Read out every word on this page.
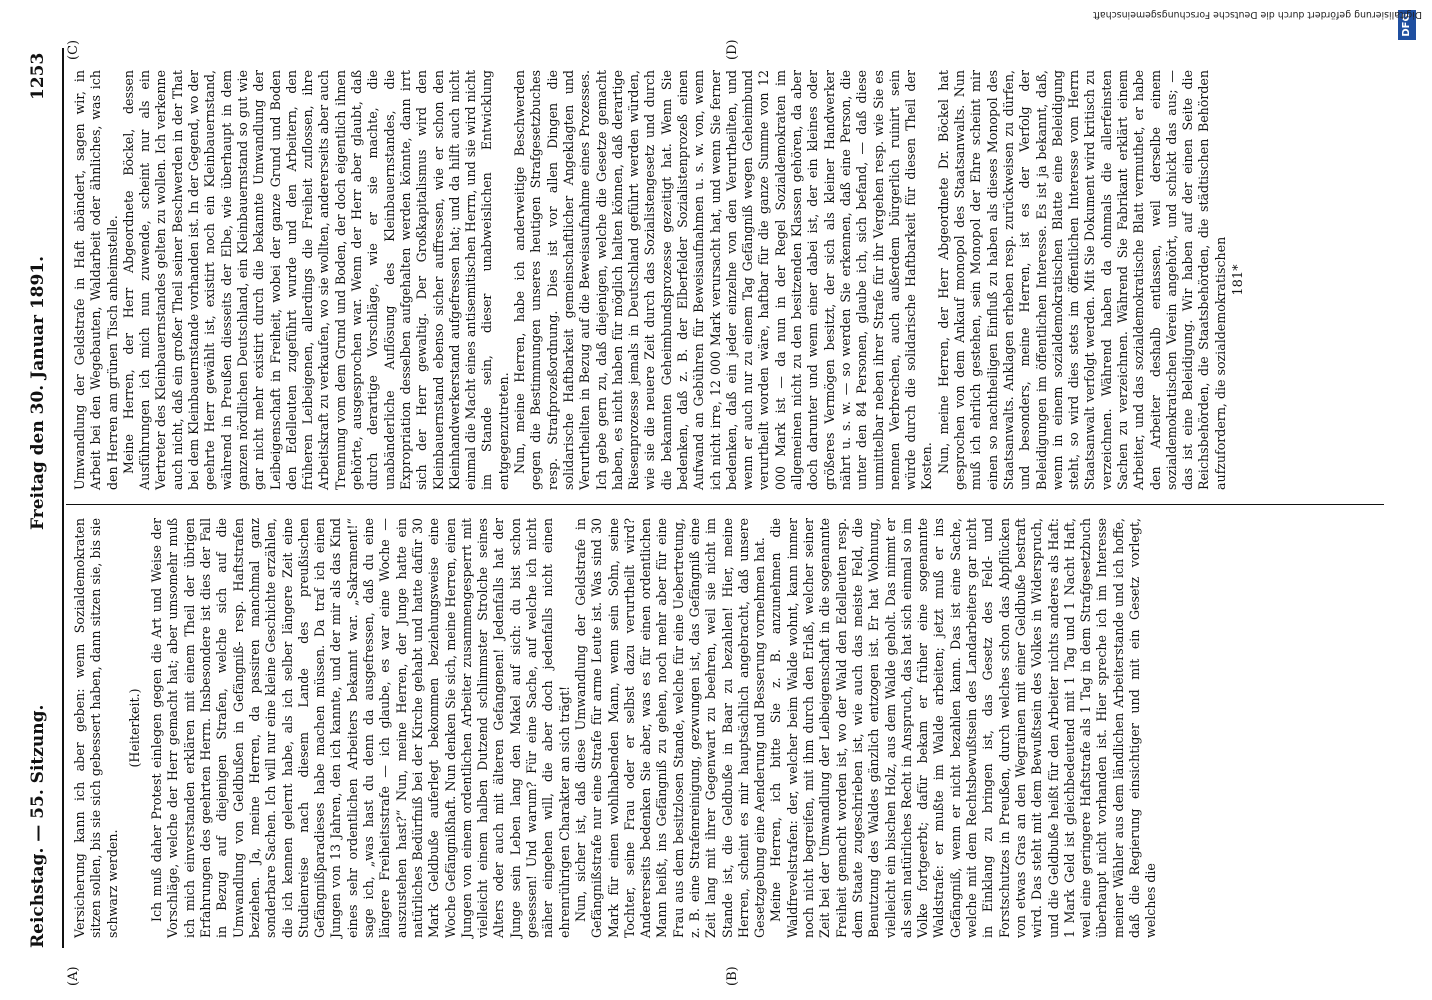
Reichstag. — 55. Sitzung.
Freitag den 30. Januar 1891.
1253
(A)	(B)
(C)	(D)

Versicherung kann ich aber geben: wenn Sozialdemokraten sitzen sollen, bis sie sich gebessert haben, dann sitzen sie, bis sie schwarz werden.

(Heiterkeit.) Ich muß daher Protest einlegen gegen die Art und Weise der Vorschläge, welche der Herr gemacht hat; aber umsomehr muß ich mich einverstanden erklären mit einem Theil der übrigen Erfahrungen des geehrten Herrn. Insbesondere ist dies der Fall in Bezug auf diejenigen Strafen, welche sich auf die Umwandlung von Geldbußen in Gefängniß- resp. Haftstrafen beziehen. Ja, meine Herren, da passiren manchmal ganz sonderbare Sachen. Ich will nur eine kleine Geschichte erzählen, die ich kennen gelernt habe, als ich selber längere Zeit eine Studienreise nach diesem Lande des preußischen Gefängnißparadieses habe machen müssen. Da traf ich einen Jungen von 13 Jahren, den ich kannte, und der mir als das Kind eines sehr ordentlichen Arbeiters bekannt war. „Sakrament!“ sage ich, „was hast du denn da ausgefressen, daß du eine längere Freiheitsstrafe — ich glaube, es war eine Woche — auszustehen hast?“ Nun, meine Herren, der Junge hatte ein natürliches Bedürfniß bei der Kirche gehabt und hatte dafür 30 Mark Geldbuße auferlegt bekommen beziehungsweise eine Woche Gefängnißhaft. Nun denken Sie sich, meine Herren, einen Jungen von einem ordentlichen Arbeiter zusammengesperrt mit vielleicht einem halben Dutzend schlimmster Strolche seines Alters oder auch mit älteren Gefangenen! Jedenfalls hat der Junge sein Leben lang den Makel auf sich: du bist schon gesessen! Und warum? Für eine Sache, auf welche ich nicht näher eingehen will, die aber doch jedenfalls nicht einen ehrenrührigen Charakter an sich trägt! Nun, sicher ist, daß diese Umwandlung der Geldstrafe in Gefängnißstrafe nur eine Strafe für arme Leute ist. Was sind 30 Mark für einen wohlhabenden Mann, wenn sein Sohn, seine Tochter, seine Frau oder er selbst dazu verurtheilt wird? Andererseits bedenken Sie aber, was es für einen ordentlichen Mann heißt, ins Gefängniß zu gehen, noch mehr aber für eine Frau aus dem besitzlosen Stande, welche für eine Uebertretung, z. B. eine Strafenreinigung, gezwungen ist, das Gefängniß eine Zeit lang mit ihrer Gegenwart zu beehren, weil sie nicht im Stande ist, die Geldbuße in Baar zu bezahlen! Hier, meine Herren, scheint es mir hauptsächlich angebracht, daß unsere Gesetzgebung eine Aenderung und Besserung vornehmen hat. Meine Herren, ich bitte Sie z. B. anzunehmen die Waldfrevelstrafen: der, welcher beim Walde wohnt, kann immer noch nicht begreifen, mit ihm durch den Erlaß, welcher seiner Zeit bei der Umwandlung der Leibeigenschaft in die sogenannte Freiheit gemacht worden ist, wo der Wald den Edelleuten resp. dem Staate zugeschrieben ist, wie auch das meiste Feld, die Benutzung des Waldes gänzlich entzogen ist. Er hat Wohnung, vielleicht ein bischen Holz, aus dem Walde geholt. Das nimmt er als sein natürliches Recht in Anspruch, das hat sich einmal so im Volke fortgeerbt; dafür bekam er früher eine sogenannte Waldstrafe: er mußte im Walde arbeiten; jetzt muß er ins Gefängniß, wenn er nicht bezahlen kann. Das ist eine Sache, welche mit dem Rechtsbewußtsein des Landarbeiters gar nicht in Einklang zu bringen ist, das Gesetz des Feld- und Forstschutzes in Preußen, durch welches schon das Abpflücken von etwas Gras an den Wegrainen mit einer Geldbuße bestraft wird. Das steht mit dem Bewußtsein des Volkes in Widerspruch, und die Geldbuße heißt für den Arbeiter nichts anderes als Haft: 1 Mark Geld ist gleichbedeutend mit 1 Tag und 1 Nacht Haft, weil eine geringere Haftstrafe als 1 Tag in dem Strafgesetzbuch überhaupt nicht vorhanden ist. Hier spreche ich im Interesse meiner Wähler aus dem ländlichen Arbeiterstande und ich hoffe, daß die Regierung einsichtiger und mit ein Gesetz vorlegt, welches die

Umwandlung der Geldstrafe in Haft abändert, sagen wir, in Arbeit bei den Wegebauten, Waldarbeit oder ähnliches, was ich den Herren am grünen Tisch anheimstelle. Meine Herren, der Herr Abgeordnete Böckel, dessen Ausführungen ich mich nun zuwende, scheint nur als ein Vertreter des Kleinbauernstandes gelten zu wollen. Ich verkenne auch nicht, daß ein großer Theil seiner Beschwerden in der That bei dem Kleinbauernstande vorhanden ist. In der Gegend, wo der geehrte Herr gewählt ist, existirt noch ein Kleinbauernstand, während in Preußen diesseits der Elbe, wie überhaupt in dem ganzen nördlichen Deutschland, ein Kleinbauernstand so gut wie gar nicht mehr existirt durch die bekannte Umwandlung der Leibeigenschaft in Freiheit, wobei der ganze Grund und Boden den Edelleuten zugeführt wurde und den Arbeitern, den früheren Leibeigenen, allerdings die Freiheit zuflossen, ihre Arbeitskraft zu verkaufen, wo sie wollten, andererseits aber auch Trennung vom dem Grund und Boden, der doch eigentlich ihnen gehörte, ausgesprochen war. Wenn der Herr aber glaubt, daß durch derartige Vorschläge, wie er sie machte, die unabänderliche Auflösung des Kleinbauernstandes, die Expropriation desselben aufgehalten werden könnte, dann irrt sich der Herr gewaltig. Der Großkapitalismus wird den Kleinbauernstand ebenso sicher auffressen, wie er schon den Kleinhandwerkerstand aufgefressen hat; und da hilft auch nicht einmal die Macht eines antisemitischen Herrn, und sie wird nicht im Stande sein, dieser unabweislichen Entwicklung entgegenzutreten. Nun, meine Herren, habe ich anderweitige Beschwerden gegen die Bestimmungen unseres heutigen Strafgesetzbuches resp. Strafprozeßordnung. Dies ist vor allen Dingen die solidarische Haftbarkeit gemeinschaftlicher Angeklagten und Verurtheilten in Bezug auf die Beweisaufnahme eines Prozesses. Ich gebe gern zu, daß diejenigen, welche die Gesetze gemacht haben, es nicht haben für möglich halten können, daß derartige Riesenprozesse jemals in Deutschland geführt werden würden, wie sie die neuere Zeit durch das Sozialistengesetz und durch die bekannten Geheimbundsprozesse gezeitigt hat. Wenn Sie bedenken, daß z. B. der Elberfelder Sozialistenprozeß einen Aufwand an Gebühren für Beweisaufnahmen u. s. w. von, wenn ich nicht irre, 12 000 Mark verursacht hat, und wenn Sie ferner bedenken, daß ein jeder einzelne von den Verurtheilten, und wenn er auch nur zu einem Tag Gefängniß wegen Geheimbund verurtheilt worden wäre, haftbar für die ganze Summe von 12 000 Mark ist — da nun in der Regel Sozialdemokraten im allgemeinen nicht zu den besitzenden Klassen gehören, da aber doch darunter und wenn einer dabei ist, der ein kleines oder größeres Vermögen besitzt, der sich als kleiner Handwerker nährt u. s. w. — so werden Sie erkennen, daß eine Person, die unter den 84 Personen, glaube ich, sich befand, — daß diese unmittelbar neben ihrer Strafe für ihr Vergehen resp. wie Sie es nennen Verbrechen, auch außerdem bürgerlich ruinirt sein würde durch die solidarische Haftbarkeit für diesen Theil der Kosten. Nun, meine Herren, der Herr Abgeordnete Dr. Böckel hat gesprochen von dem Ankauf monopol des Staatsanwalts. Nun muß ich ehrlich gestehen, sein Monopol der Ehre scheint mir einen so nachtheiligen Einfluß zu haben als dieses Monopol des Staatsanwalts. Anklagen erheben resp. zurückweisen zu dürfen, und besonders, meine Herren, ist es der Verfolg der Beleidigungen im öffentlichen Interesse. Es ist ja bekannt, daß, wenn in einem sozialdemokratischen Blatte eine Beleidigung steht, so wird dies stets im öffentlichen Interesse vom Herrn Staatsanwalt verfolgt werden. Mit Sie Dokument wird kritisch zu verzeichnen. Während haben da ohnmals die allerfeinsten Sachen zu verzeichnen. Während Sie Fabrikant erklärt einem Arbeiter, und das sozialdemokratische Blatt vermuthet, er habe den Arbeiter deshalb entlassen, weil derselbe einem sozialdemokratischen Verein angehört, und schickt das aus; — das ist eine Beleidigung. Wir haben auf der einen Seite die Reichsbehörden, die Staatsbehörden, die städtischen Behörden aufzufordern, die sozialdemokratischen 181*

DFG
Digitalisierung gefördert durch die Deutsche Forschungsgemeinschaft
